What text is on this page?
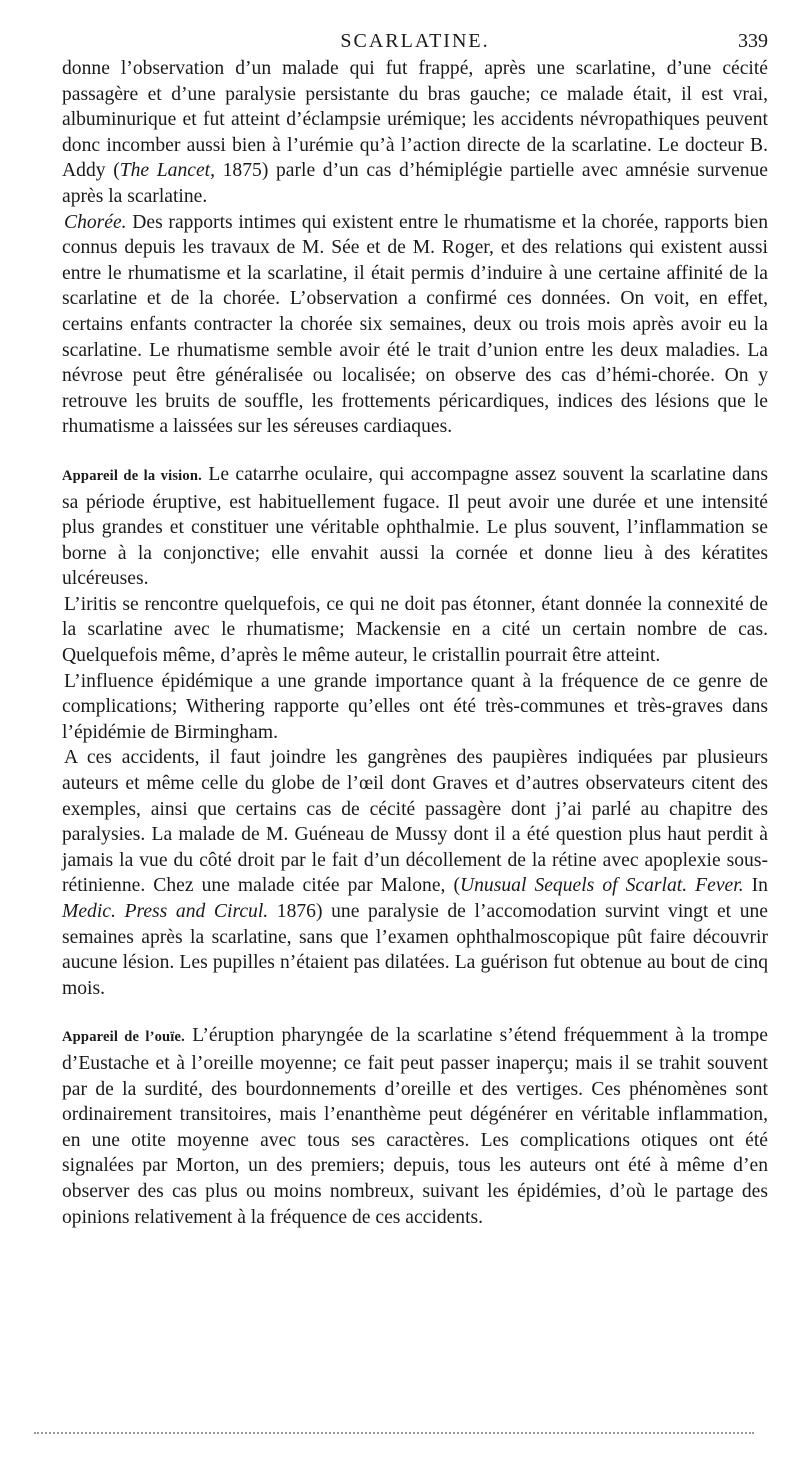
SCARLATINE.	339

donne l’observation d’un malade qui fut frappé, après une scarlatine, d’une cécité passagère et d’une paralysie persistante du bras gauche; ce malade était, il est vrai, albuminurique et fut atteint d’éclampsie urémique; les accidents névropathiques peuvent donc incomber aussi bien à l’urémie qu’à l’action directe de la scarlatine. Le docteur B. Addy (The Lancet, 1875) parle d’un cas d’hémiplégie partielle avec amnésie survenue après la scarlatine.

Chorée. Des rapports intimes qui existent entre le rhumatisme et la chorée, rapports bien connus depuis les travaux de M. Sée et de M. Roger, et des relations qui existent aussi entre le rhumatisme et la scarlatine, il était permis d’induire à une certaine affinité de la scarlatine et de la chorée. L’observation a confirmé ces données. On voit, en effet, certains enfants contracter la chorée six semaines, deux ou trois mois après avoir eu la scarlatine. Le rhumatisme semble avoir été le trait d’union entre les deux maladies. La névrose peut être généralisée ou localisée; on observe des cas d’hémi-chorée. On y retrouve les bruits de souffle, les frottements péricardiques, indices des lésions que le rhumatisme a laissées sur les séreuses cardiaques.

Appareil de la vision. Le catarrhe oculaire, qui accompagne assez souvent la scarlatine dans sa période éruptive, est habituellement fugace. Il peut avoir une durée et une intensité plus grandes et constituer une véritable ophthalmie. Le plus souvent, l’inflammation se borne à la conjonctive; elle envahit aussi la cornée et donne lieu à des kératites ulcéreuses.

L’iritis se rencontre quelquefois, ce qui ne doit pas étonner, étant donnée la connexité de la scarlatine avec le rhumatisme; Mackensie en a cité un certain nombre de cas. Quelquefois même, d’après le même auteur, le cristallin pourrait être atteint.

L’influence épidémique a une grande importance quant à la fréquence de ce genre de complications; Withering rapporte qu’elles ont été très-communes et très-graves dans l’épidémie de Birmingham.

A ces accidents, il faut joindre les gangrènes des paupières indiquées par plusieurs auteurs et même celle du globe de l’œil dont Graves et d’autres observateurs citent des exemples, ainsi que certains cas de cécité passagère dont j’ai parlé au chapitre des paralysies. La malade de M. Guéneau de Mussy dont il a été question plus haut perdit à jamais la vue du côté droit par le fait d’un décollement de la rétine avec apoplexie sous-rétinienne. Chez une malade citée par Malone, (Unusual Sequels of Scarlat. Fever. In Medic. Press and Circul. 1876) une paralysie de l’accomodation survint vingt et une semaines après la scarlatine, sans que l’examen ophthalmoscopique pût faire découvrir aucune lésion. Les pupilles n’étaient pas dilatées. La guérison fut obtenue au bout de cinq mois.

Appareil de l’ouïe. L’éruption pharyngée de la scarlatine s’étend fréquemment à la trompe d’Eustache et à l’oreille moyenne; ce fait peut passer inaperçu; mais il se trahit souvent par de la surdité, des bourdonnements d’oreille et des vertiges. Ces phénomènes sont ordinairement transitoires, mais l’enanthème peut dégénérer en véritable inflammation, en une otite moyenne avec tous ses caractères. Les complications otiques ont été signalées par Morton, un des premiers; depuis, tous les auteurs ont été à même d’en observer des cas plus ou moins nombreux, suivant les épidémies, d’où le partage des opinions relativement à la fréquence de ces accidents.
